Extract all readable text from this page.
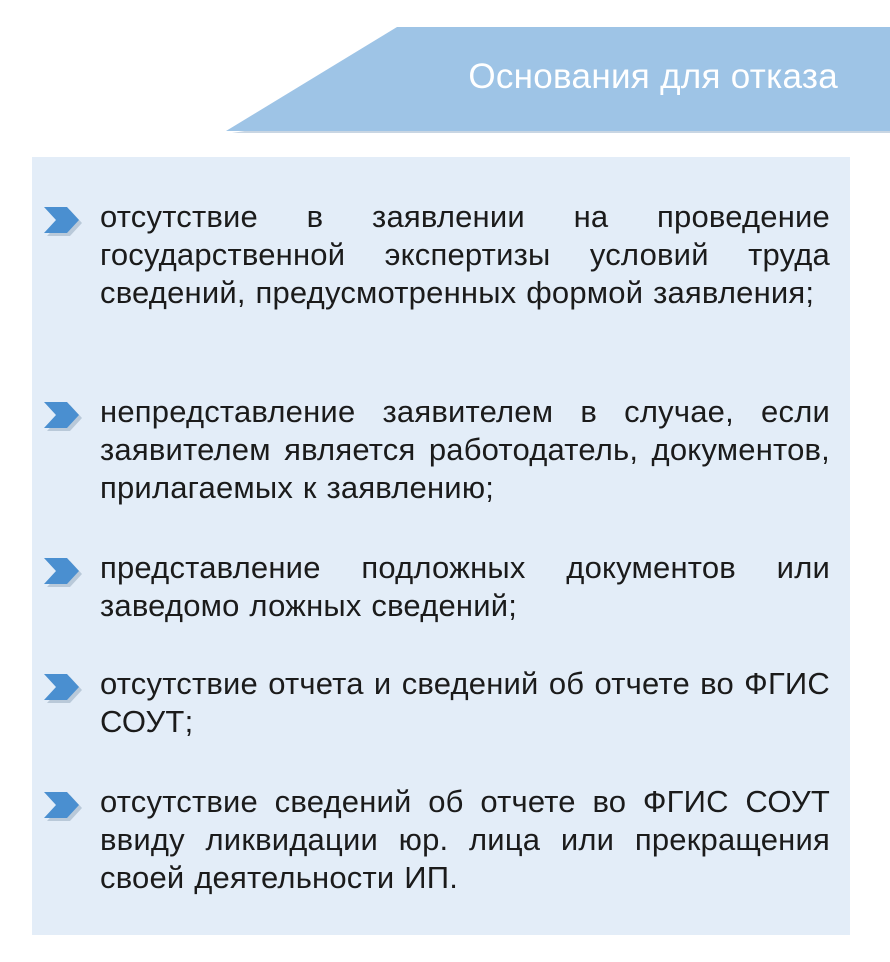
Основания для отказа

отсутствие в заявлении на проведение государственной экспертизы условий труда сведений, предусмотренных формой заявления;

непредставление заявителем в случае, если заявителем является работодатель, документов, прилагаемых к заявлению;

представление подложных документов или заведомо ложных сведений;

отсутствие отчета и сведений об отчете во ФГИС СОУТ;

отсутствие сведений об отчете во ФГИС СОУТ ввиду ликвидации юр. лица или прекращения своей деятельности ИП.
